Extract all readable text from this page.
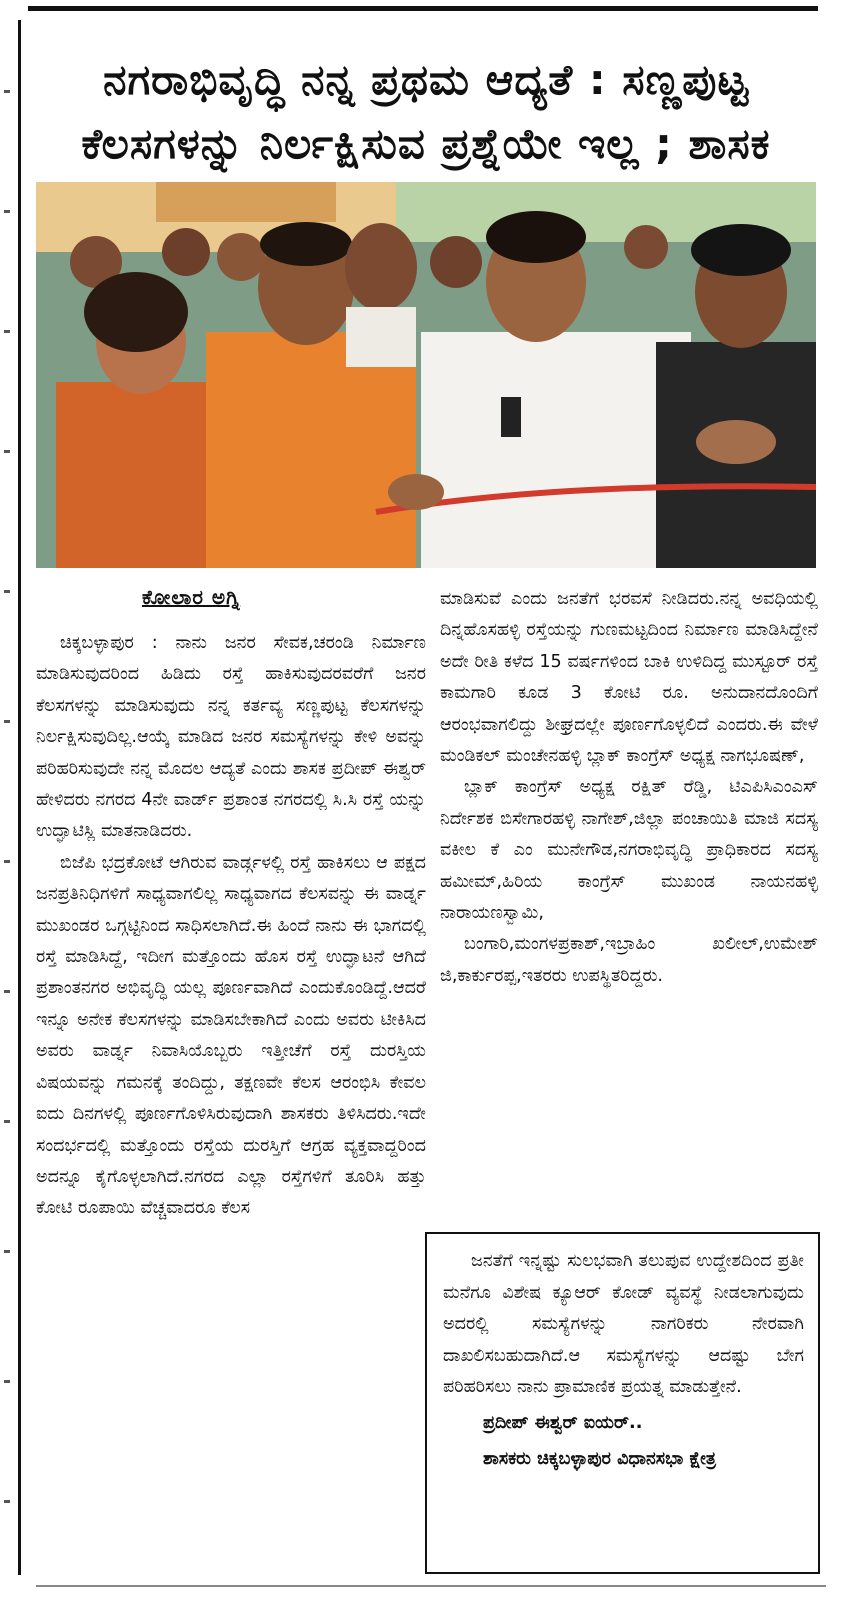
ನಗರಾಭಿವೃದ್ಧಿ ನನ್ನ ಪ್ರಥಮ ಆದ್ಯತೆ : ಸಣ್ಣಪುಟ್ಟ ಕೆಲಸಗಳನ್ನು ನಿರ್ಲಕ್ಷಿಸುವ ಪ್ರಶ್ನೆಯೇ ಇಲ್ಲ ; ಶಾಸಕ
ಕೋಲಾರ ಅಗ್ನಿ

ಚಿಕ್ಕಬಳ್ಳಾಪುರ : ನಾನು ಜನರ ಸೇವಕ,ಚರಂಡಿ ನಿರ್ಮಾಣ ಮಾಡಿಸುವುದರಿಂದ ಹಿಡಿದು ರಸ್ತೆ ಹಾಕಿಸುವುದರವರೆಗೆ ಜನರ ಕೆಲಸಗಳನ್ನು ಮಾಡಿಸುವುದು ನನ್ನ ಕರ್ತವ್ಯ ಸಣ್ಣಪುಟ್ಟ ಕೆಲಸಗಳನ್ನು ನಿರ್ಲಕ್ಷಿಸುವುದಿಲ್ಲ.ಆಯ್ಕೆ ಮಾಡಿದ ಜನರ ಸಮಸ್ಯೆಗಳನ್ನು ಕೇಳಿ ಅವನ್ನು ಪರಿಹರಿಸುವುದೇ ನನ್ನ ಮೊದಲ ಆದ್ಯತೆ ಎಂದು ಶಾಸಕ ಪ್ರದೀಪ್ ಈಶ್ವರ್ ಹೇಳಿದರು ನಗರದ 4ನೇ ವಾರ್ಡ್ ಪ್ರಶಾಂತ ನಗರದಲ್ಲಿ ಸಿ.ಸಿ ರಸ್ತೆ ಯನ್ನು ಉದ್ಘಾಟಿಸ್ಲಿ ಮಾತನಾಡಿದರು.

ಬಿಜೆಪಿ ಭದ್ರಕೋಟೆ ಆಗಿರುವ ವಾರ್ಡ್ಗಳಲ್ಲಿ ರಸ್ತೆ ಹಾಕಿಸಲು ಆ ಪಕ್ಷದ ಜನಪ್ರತಿನಿಧಿಗಳಿಗೆ ಸಾಧ್ಯವಾಗಲಿಲ್ಲ ಸಾಧ್ಯವಾಗದ ಕೆಲಸವನ್ನು ಈ ವಾರ್ಡ್ನ ಮುಖಂಡರ ಒಗ್ಗಟ್ಟಿನಿಂದ ಸಾಧಿಸಲಾಗಿದೆ.ಈ ಹಿಂದೆ ನಾನು ಈ ಭಾಗದಲ್ಲಿ ರಸ್ತೆ ಮಾಡಿಸಿದ್ದೆ, ಇದೀಗ ಮತ್ತೊಂದು ಹೊಸ ರಸ್ತೆ ಉದ್ಘಾಟನೆ ಆಗಿದೆ ಪ್ರಶಾಂತನಗರ ಅಭಿವೃದ್ಧಿ ಯಲ್ಲ ಪೂರ್ಣವಾಗಿದೆ ಎಂದುಕೊಂಡಿದ್ದೆ.ಆದರೆ ಇನ್ನೂ ಅನೇಕ ಕೆಲಸಗಳನ್ನು ಮಾಡಿಸಬೇಕಾಗಿದೆ ಎಂದು ಅವರು ಟೀಕಿಸಿದ ಅವರು ವಾರ್ಡ್ನ ನಿವಾಸಿಯೊಬ್ಬರು ಇತ್ತೀಚೆಗೆ ರಸ್ತೆ ದುರಸ್ತಿಯ ವಿಷಯವನ್ನು ಗಮನಕ್ಕೆ ತಂದಿದ್ದು, ತಕ್ಷಣವೇ ಕೆಲಸ ಆರಂಭಿಸಿ ಕೇವಲ ಐದು ದಿನಗಳಲ್ಲಿ ಪೂರ್ಣಗೊಳಿಸಿರುವುದಾಗಿ ಶಾಸಕರು ತಿಳಿಸಿದರು.ಇದೇ ಸಂದರ್ಭದಲ್ಲಿ ಮತ್ತೊಂದು ರಸ್ತೆಯ ದುರಸ್ತಿಗೆ ಆಗ್ರಹ ವ್ಯಕ್ತವಾದ್ದರಿಂದ ಅದನ್ನೂ ಕೈಗೊಳ್ಳಲಾಗಿದೆ.ನಗರದ ಎಲ್ಲಾ ರಸ್ತೆಗಳಿಗೆ ತೂರಿಸಿ ಹತ್ತು ಕೋಟಿ ರೂಪಾಯಿ ವೆಚ್ಚವಾದರೂ ಕೆಲಸ

ಮಾಡಿಸುವೆ ಎಂದು ಜನತೆಗೆ ಭರವಸೆ ನೀಡಿದರು.ನನ್ನ ಅವಧಿಯಲ್ಲಿ ದಿನ್ನಹೊಸಹಳ್ಳಿ ರಸ್ತೆಯನ್ನು ಗುಣಮಟ್ಟದಿಂದ ನಿರ್ಮಾಣ ಮಾಡಿಸಿದ್ದೇನೆ ಅದೇ ರೀತಿ ಕಳೆದ 15 ವರ್ಷಗಳಿಂದ ಬಾಕಿ ಉಳಿದಿದ್ದ ಮುಸ್ಟೂರ್ ರಸ್ತೆ ಕಾಮಗಾರಿ ಕೂಡ 3 ಕೋಟಿ ರೂ. ಅನುದಾನದೊಂದಿಗೆ ಆರಂಭವಾಗಲಿದ್ದು ಶೀಘ್ರದಲ್ಲೇ ಪೂರ್ಣಗೊಳ್ಳಲಿದೆ ಎಂದರು.ಈ ವೇಳೆ ಮಂಡಿಕಲ್ ಮಂಚೇನಹಳ್ಳಿ ಬ್ಲಾಕ್ ಕಾಂಗ್ರೆಸ್ ಅಧ್ಯಕ್ಷ ನಾಗಭೂಷಣ್,

ಬ್ಲಾಕ್ ಕಾಂಗ್ರೆಸ್ ಅಧ್ಯಕ್ಷ ರಕ್ಷಿತ್ ರೆಡ್ಡಿ, ಟಿಎಪಿಸಿಎಂಎಸ್ ನಿರ್ದೇಶಕ ಬಿಸೇಗಾರಹಳ್ಳಿ ನಾಗೇಶ್,ಜಿಲ್ಲಾ ಪಂಚಾಯಿತಿ ಮಾಜಿ ಸದಸ್ಯ ವಕೀಲ ಕೆ ಎಂ ಮುನೇಗೌಡ,ನಗರಾಭಿವೃದ್ಧಿ ಪ್ರಾಧಿಕಾರದ ಸದಸ್ಯ ಹಮೀಮ್,ಹಿರಿಯ ಕಾಂಗ್ರೆಸ್ ಮುಖಂಡ ನಾಯನಹಳ್ಳಿ ನಾರಾಯಣಸ್ವಾಮಿ,

ಬಂಗಾರಿ,ಮಂಗಳಪ್ರಕಾಶ್,ಇಬ್ರಾಹಿಂ ಖಲೀಲ್,ಉಮೇಶ್ ಜಿ,ಕಾರ್ಕುರಪ್ಪ,ಇತರರು ಉಪಸ್ಥಿತರಿದ್ದರು.

ಜನತೆಗೆ ಇನ್ನಷ್ಟು ಸುಲಭವಾಗಿ ತಲುಪುವ ಉದ್ದೇಶದಿಂದ ಪ್ರತೀ ಮನೆಗೂ ವಿಶೇಷ ಕ್ಯೂಆರ್ ಕೋಡ್ ವ್ಯವಸ್ಥೆ ನೀಡಲಾಗುವುದು ಅದರಲ್ಲಿ ಸಮಸ್ಯೆಗಳನ್ನು ನಾಗರಿಕರು ನೇರವಾಗಿ ದಾಖಲಿಸಬಹುದಾಗಿದೆ.ಆ ಸಮಸ್ಯೆಗಳನ್ನು ಆದಷ್ಟು ಬೇಗ ಪರಿಹರಿಸಲು ನಾನು ಪ್ರಾಮಾಣಿಕ ಪ್ರಯತ್ನ ಮಾಡುತ್ತೇನೆ.

ಪ್ರದೀಪ್ ಈಶ್ವರ್ ಐಯರ್..
ಶಾಸಕರು ಚಿಕ್ಕಬಳ್ಳಾಪುರ ವಿಧಾನಸಭಾ ಕ್ಷೇತ್ರ
